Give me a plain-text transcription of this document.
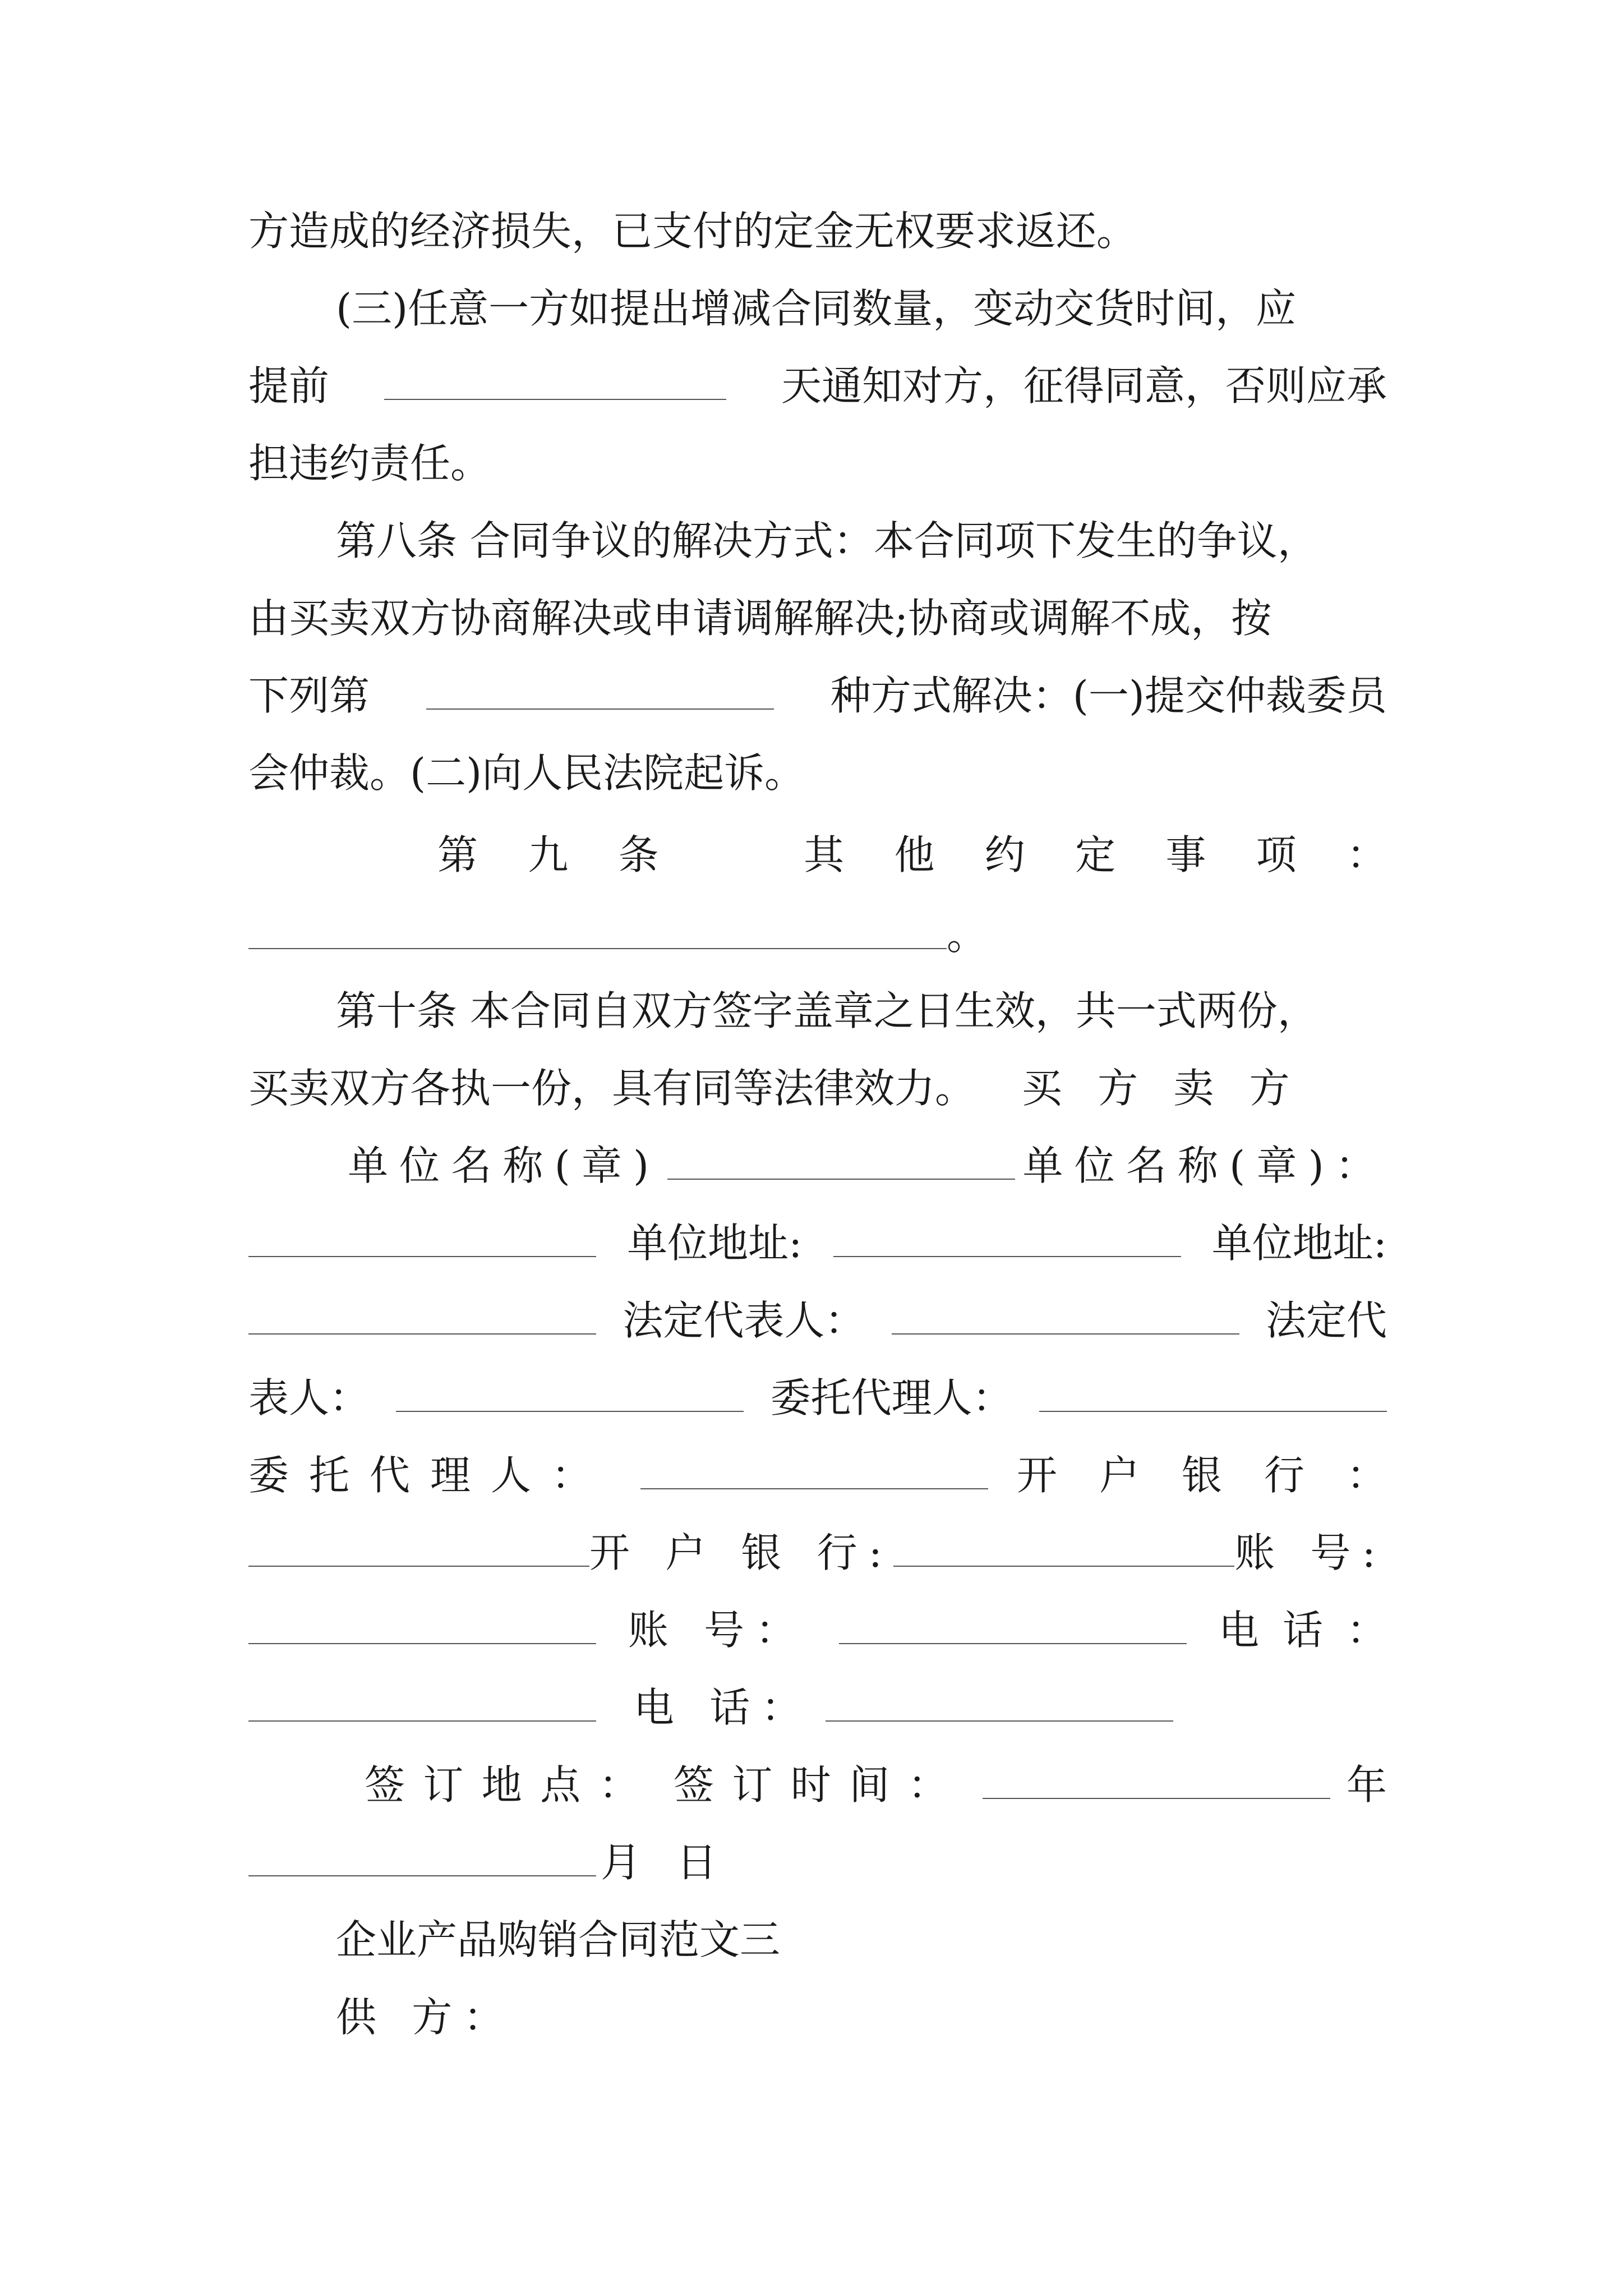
方造成的经济损失，已支付的定金无权要求返还。
(三)任意一方如提出增减合同数量，变动交货时间，应
提前	天通知对方，征得同意，否则应承
担违约责任。
第八条 合同争议的解决方式：本合同项下发生的争议，
由买卖双方协商解决或申请调解解决;协商或调解不成，按
下列第	种方式解决：(一)提交仲裁委员
会仲裁。(二)向人民法院起诉。
第 九 条	其 他 约 定 事 项 ：
。
第十条 本合同自双方签字盖章之日生效，共一式两份，
买卖双方各执一份，具有同等法律效力。 买 方 卖 方
单位名称(章)	单位名称(章)：
单位地址:	单位地址:
法定代表人：	法定代
表人：	委托代理人：
委托代理人：	开 户 银 行 ：
开 户 银 行:	账 号:
账 号：	电 话 ：
电 话：
签订地点： 签订时间：	年
月 日
企业产品购销合同范文三
供 方：
